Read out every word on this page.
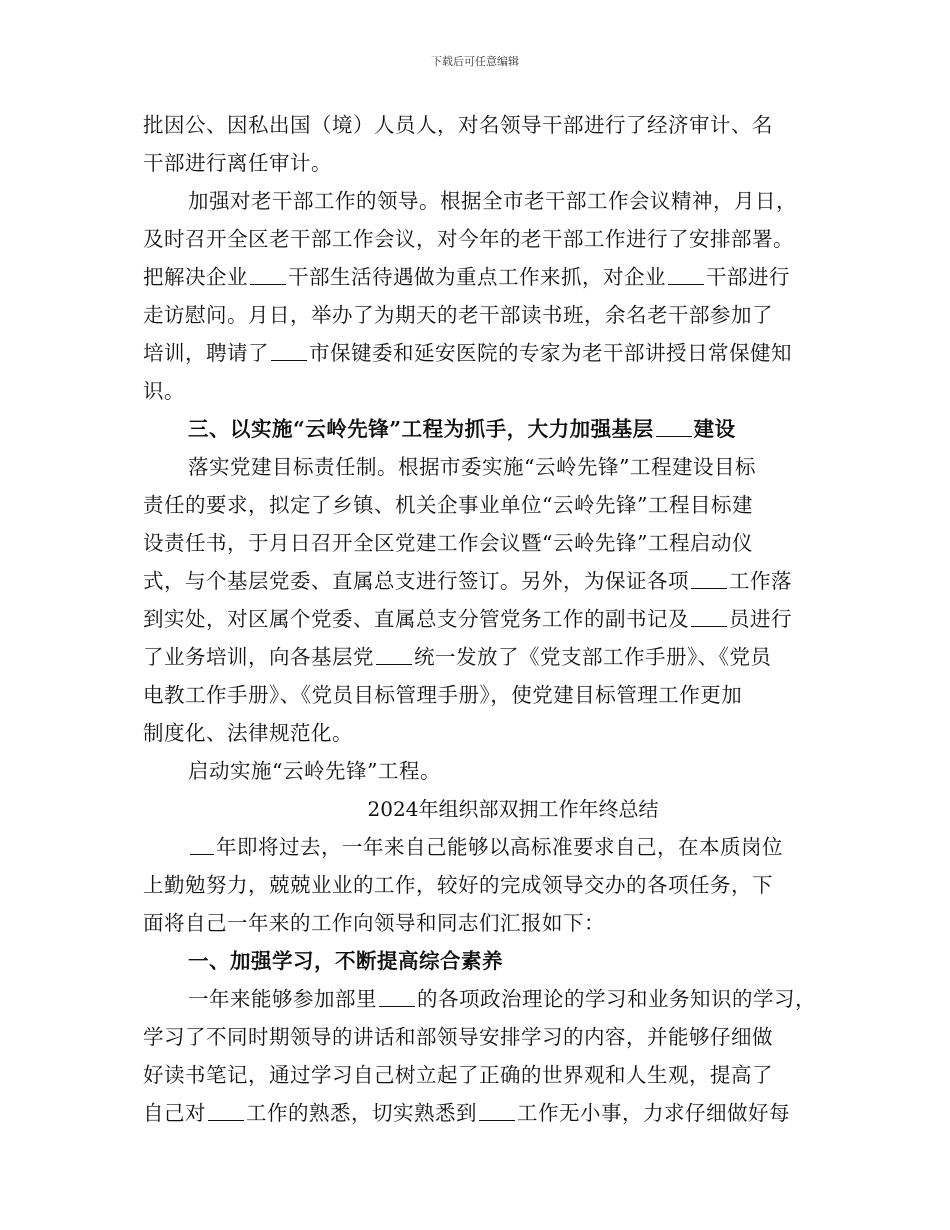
下载后可任意编辑
批因公、因私出国（境）人员人，对名领导干部进行了经济审计、名
干部进行离任审计。
加强对老干部工作的领导。根据全市老干部工作会议精神，月日，
及时召开全区老干部工作会议，对今年的老干部工作进行了安排部署。
把解决企业 干部生活待遇做为重点工作来抓，对企业 干部进行
走访慰问。月日，举办了为期天的老干部读书班，余名老干部参加了
培训，聘请了 市保键委和延安医院的专家为老干部讲授日常保健知
识。
三、以实施“云岭先锋”工程为抓手，大力加强基层 建设
落实党建目标责任制。根据市委实施“云岭先锋”工程建设目标
责任的要求，拟定了乡镇、机关企事业单位“云岭先锋”工程目标建
设责任书，于月日召开全区党建工作会议暨“云岭先锋”工程启动仪
式，与个基层党委、直属总支进行签订。另外，为保证各项 工作落
到实处，对区属个党委、直属总支分管党务工作的副书记及 员进行
了业务培训，向各基层党 统一发放了《党支部工作手册》、《党员
电教工作手册》、《党员目标管理手册》，使党建目标管理工作更加
制度化、法律规范化。
启动实施“云岭先锋”工程。
2024年组织部双拥工作年终总结
年即将过去，一年来自己能够以高标准要求自己，在本质岗位
上勤勉努力，兢兢业业的工作，较好的完成领导交办的各项任务，下
面将自己一年来的工作向领导和同志们汇报如下：
一、加强学习，不断提高综合素养
一年来能够参加部里 的各项政治理论的学习和业务知识的学习，
学习了不同时期领导的讲话和部领导安排学习的内容，并能够仔细做
好读书笔记，通过学习自己树立起了正确的世界观和人生观，提高了
自己对 工作的熟悉，切实熟悉到 工作无小事，力求仔细做好每
